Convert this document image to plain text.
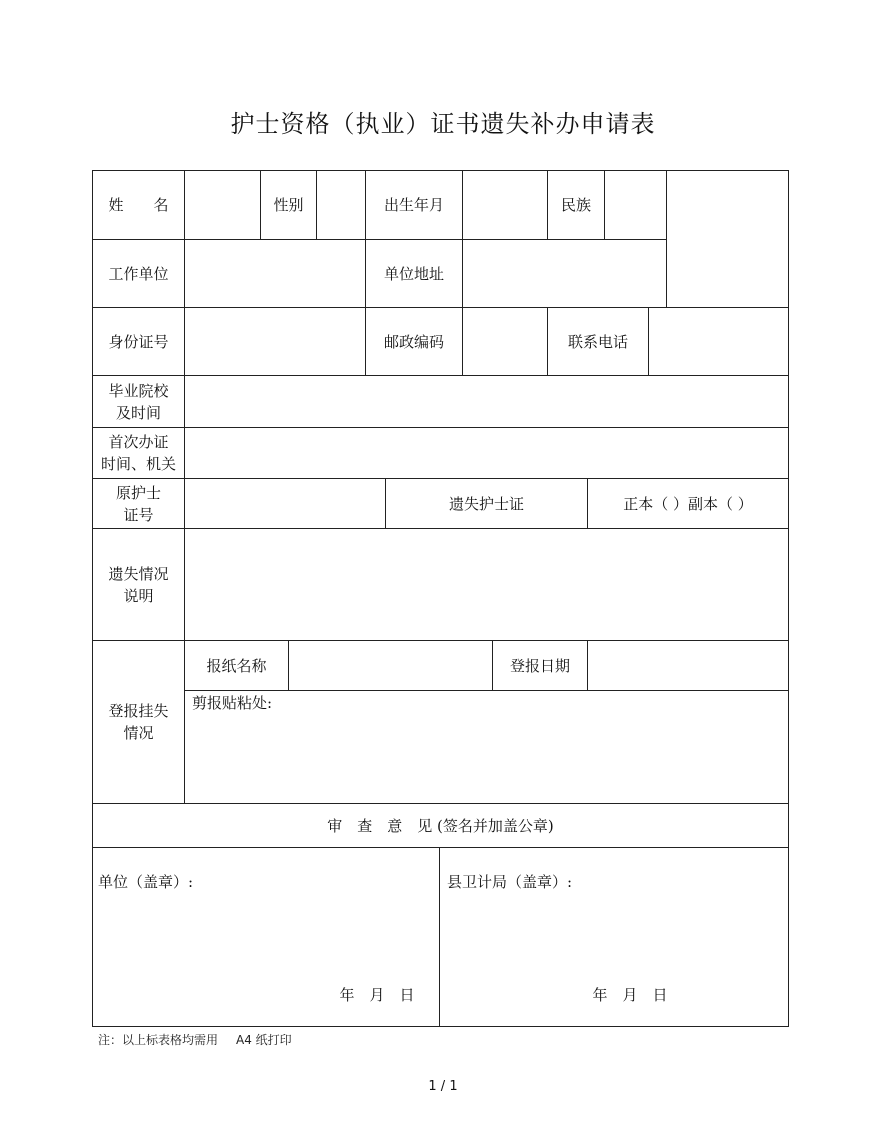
护士资格（执业）证书遗失补办申请表
姓　　名	性别	出生年月	民族
工作单位	单位地址
身份证号	邮政编码	联系电话
毕业院校
及时间
首次办证
时间、机关
原护士
证号
遗失护士证	正本（ ）副本（ ）
遗失情况
说明
登报挂失
情况
报纸名称	登报日期
剪报贴粘处:
审　查　意　见 (签名并加盖公章)
单位（盖章）:	县卫计局（盖章）:
年　月　日	年　月　日
注：以上标表格均需用 A4 纸打印
1 / 1
